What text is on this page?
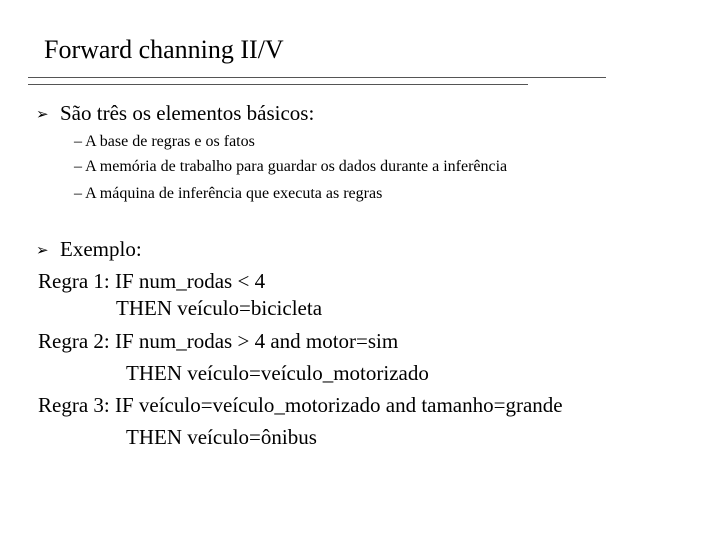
Forward channing II/V
➢ São três os elementos básicos:
– A base de regras e os fatos
– A memória de trabalho para guardar os dados durante a inferência
– A máquina de inferência que executa as regras
➢ Exemplo:
Regra 1: IF num_rodas < 4
THEN veículo=bicicleta
Regra 2: IF num_rodas > 4 and motor=sim
THEN veículo=veículo_motorizado
Regra 3: IF veículo=veículo_motorizado and tamanho=grande
THEN veículo=ônibus
